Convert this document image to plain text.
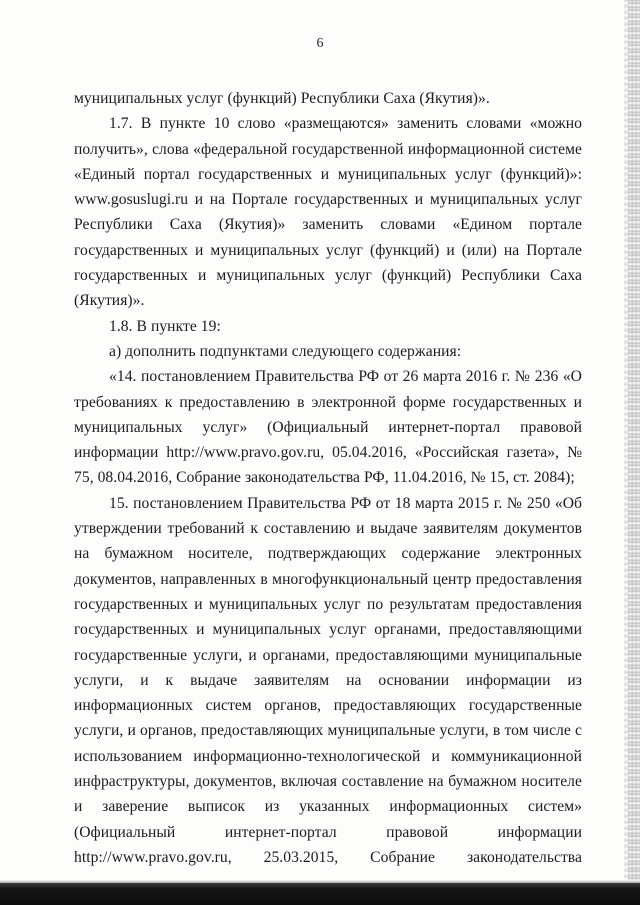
6

муниципальных услуг (функций) Республики Саха (Якутия)».

1.7. В пункте 10 слово «размещаются» заменить словами «можно получить», слова «федеральной государственной информационной системе «Единый портал государственных и муниципальных услуг (функций)»: www.gosuslugi.ru и на Портале государственных и муниципальных услуг Республики Саха (Якутия)» заменить словами «Едином портале государственных и муниципальных услуг (функций) и (или) на Портале государственных и муниципальных услуг (функций) Республики Саха (Якутия)».

1.8. В пункте 19:

а) дополнить подпунктами следующего содержания:

«14. постановлением Правительства РФ от 26 марта 2016 г. № 236 «О требованиях к предоставлению в электронной форме государственных и муниципальных услуг» (Официальный интернет-портал правовой информации http://www.pravo.gov.ru, 05.04.2016, «Российская газета», № 75, 08.04.2016, Собрание законодательства РФ, 11.04.2016, № 15, ст. 2084);

15. постановлением Правительства РФ от 18 марта 2015 г. № 250 «Об утверждении требований к составлению и выдаче заявителям документов на бумажном носителе, подтверждающих содержание электронных документов, направленных в многофункциональный центр предоставления государственных и муниципальных услуг по результатам предоставления государственных и муниципальных услуг органами, предоставляющими государственные услуги, и органами, предоставляющими муниципальные услуги, и к выдаче заявителям на основании информации из информационных систем органов, предоставляющих государственные услуги, и органов, предоставляющих муниципальные услуги, в том числе с использованием информационно-технологической и коммуникационной инфраструктуры, документов, включая составление на бумажном носителе и заверение выписок из указанных информационных систем» (Официальный интернет-портал правовой информации http://www.pravo.gov.ru, 25.03.2015, Собрание законодательства
